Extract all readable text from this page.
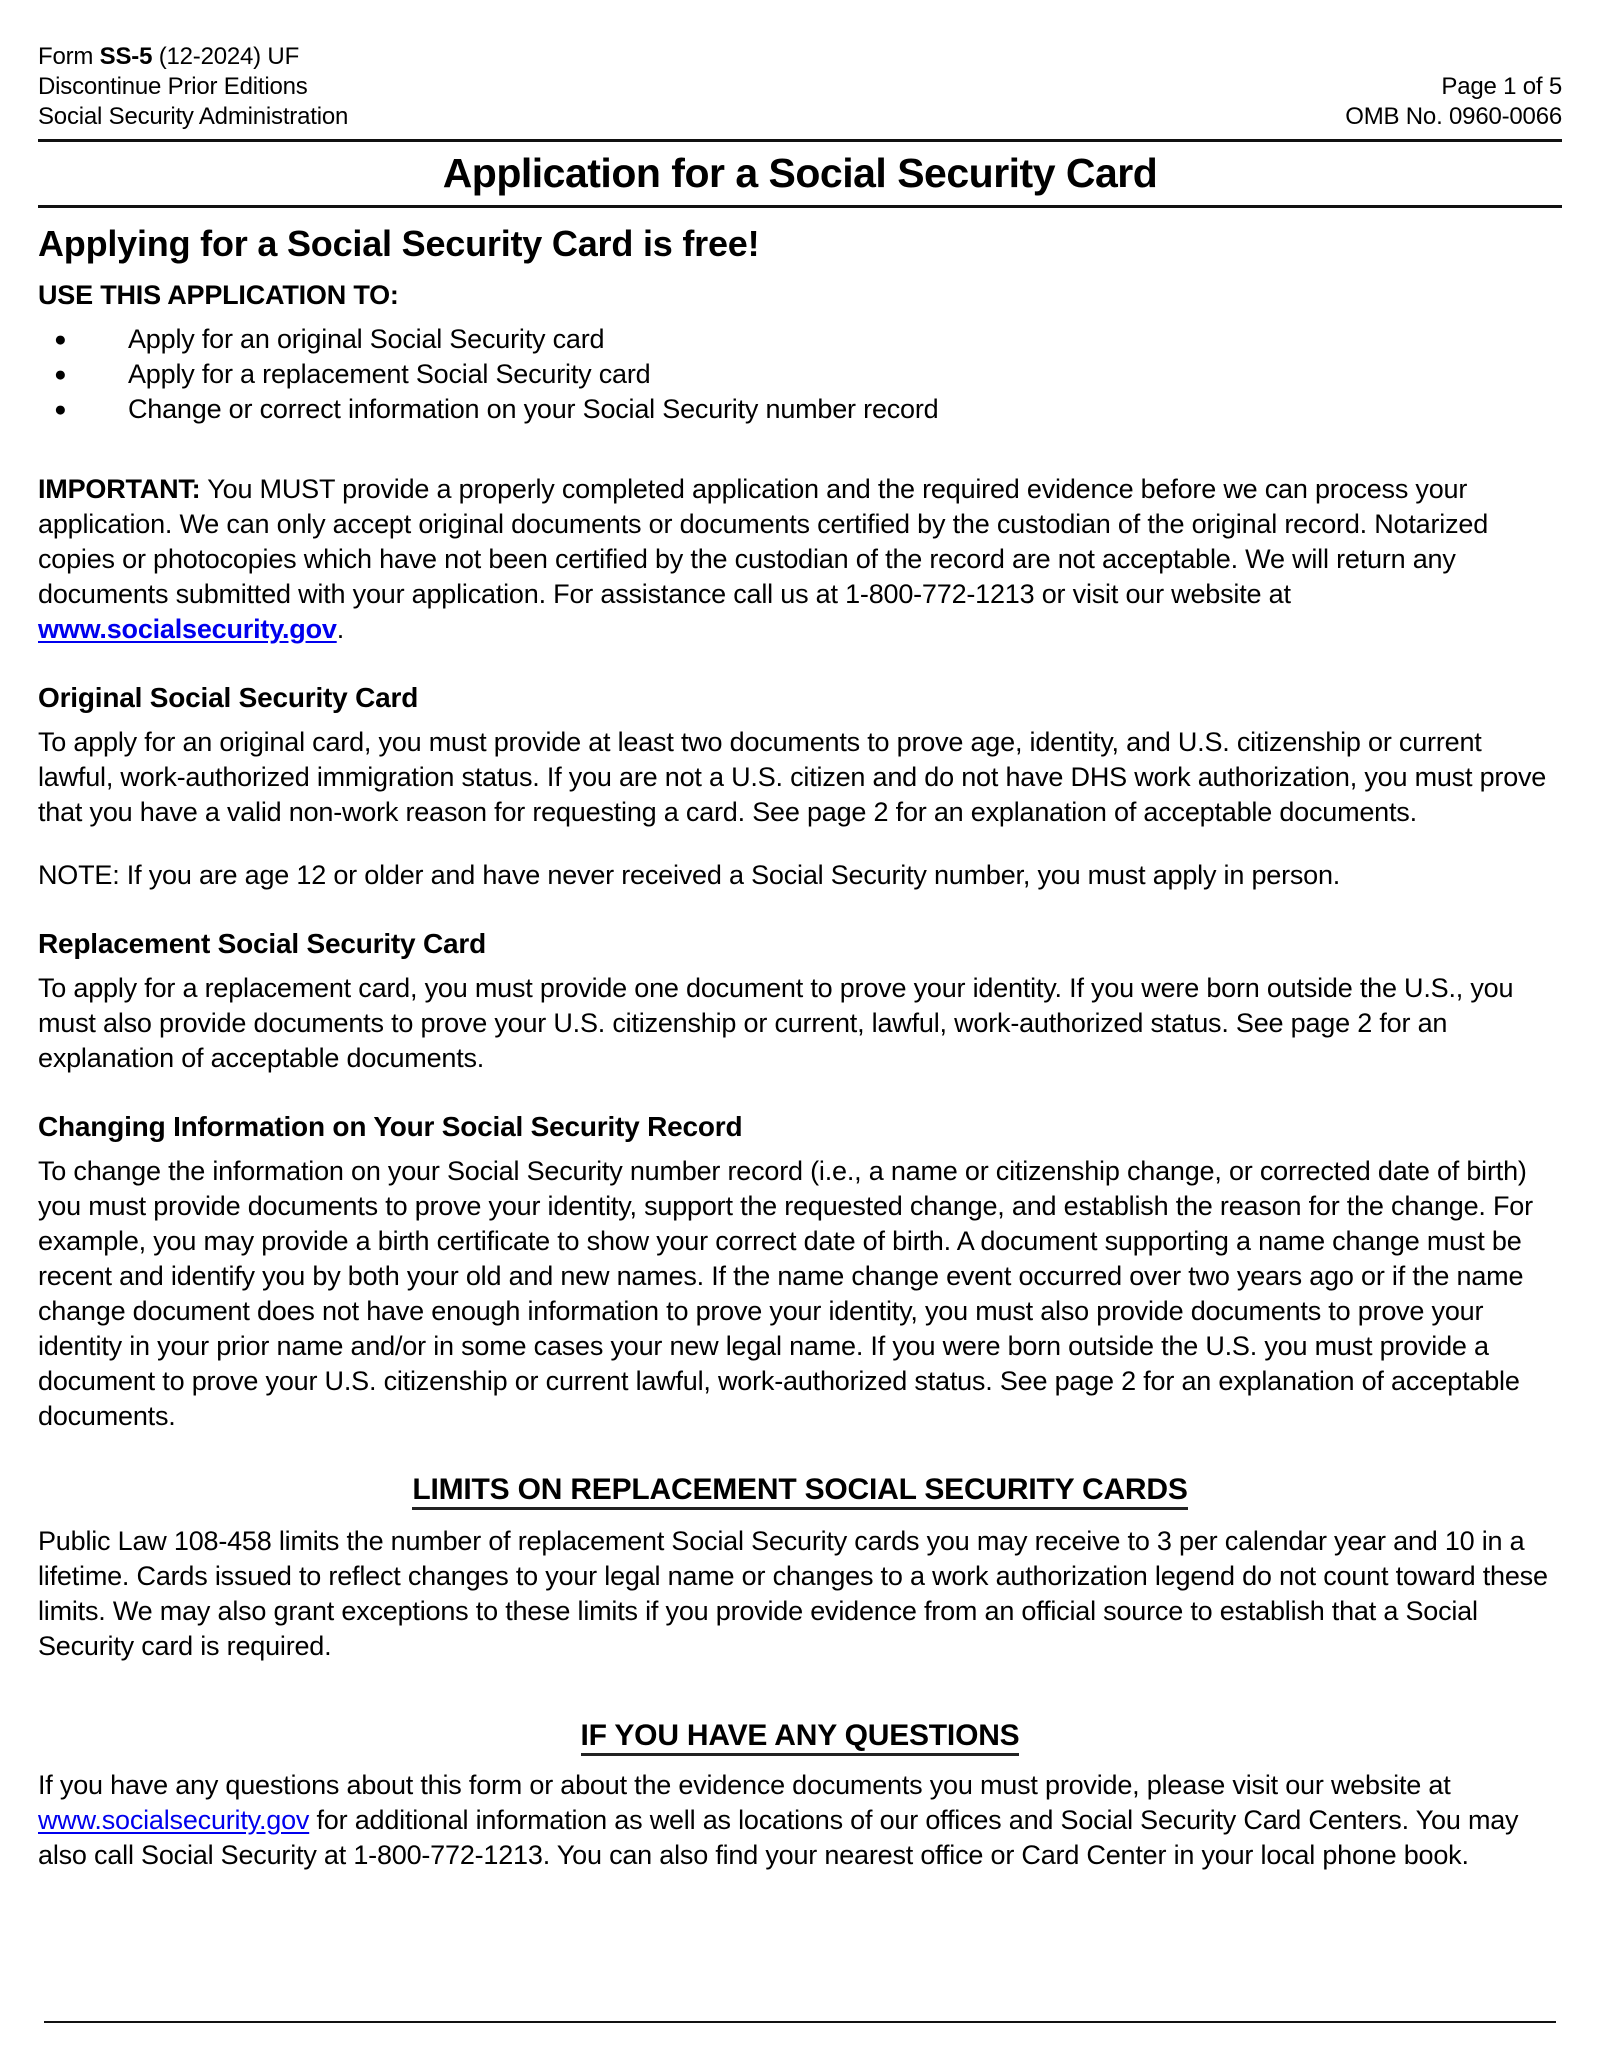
Form SS-5 (12-2024) UF
Discontinue Prior Editions
Social Security Administration
Page 1 of 5
OMB No. 0960-0066
Application for a Social Security Card
Applying for a Social Security Card is free!
USE THIS APPLICATION TO:
●	Apply for an original Social Security card
●	Apply for a replacement Social Security card
●	Change or correct information on your Social Security number record

IMPORTANT: You MUST provide a properly completed application and the required evidence before we can process your application. We can only accept original documents or documents certified by the custodian of the original record. Notarized copies or photocopies which have not been certified by the custodian of the record are not acceptable. We will return any documents submitted with your application. For assistance call us at 1-800-772-1213 or visit our website at www.socialsecurity.gov.

Original Social Security Card

To apply for an original card, you must provide at least two documents to prove age, identity, and U.S. citizenship or current lawful, work-authorized immigration status. If you are not a U.S. citizen and do not have DHS work authorization, you must prove that you have a valid non-work reason for requesting a card. See page 2 for an explanation of acceptable documents.

NOTE: If you are age 12 or older and have never received a Social Security number, you must apply in person.

Replacement Social Security Card

To apply for a replacement card, you must provide one document to prove your identity. If you were born outside the U.S., you must also provide documents to prove your U.S. citizenship or current, lawful, work-authorized status. See page 2 for an explanation of acceptable documents.

Changing Information on Your Social Security Record

To change the information on your Social Security number record (i.e., a name or citizenship change, or corrected date of birth) you must provide documents to prove your identity, support the requested change, and establish the reason for the change. For example, you may provide a birth certificate to show your correct date of birth. A document supporting a name change must be recent and identify you by both your old and new names. If the name change event occurred over two years ago or if the name change document does not have enough information to prove your identity, you must also provide documents to prove your identity in your prior name and/or in some cases your new legal name. If you were born outside the U.S. you must provide a document to prove your U.S. citizenship or current lawful, work-authorized status. See page 2 for an explanation of acceptable documents.

LIMITS ON REPLACEMENT SOCIAL SECURITY CARDS

Public Law 108-458 limits the number of replacement Social Security cards you may receive to 3 per calendar year and 10 in a lifetime. Cards issued to reflect changes to your legal name or changes to a work authorization legend do not count toward these limits. We may also grant exceptions to these limits if you provide evidence from an official source to establish that a Social Security card is required.

IF YOU HAVE ANY QUESTIONS

If you have any questions about this form or about the evidence documents you must provide, please visit our website at www.socialsecurity.gov for additional information as well as locations of our offices and Social Security Card Centers. You may also call Social Security at 1-800-772-1213. You can also find your nearest office or Card Center in your local phone book.
